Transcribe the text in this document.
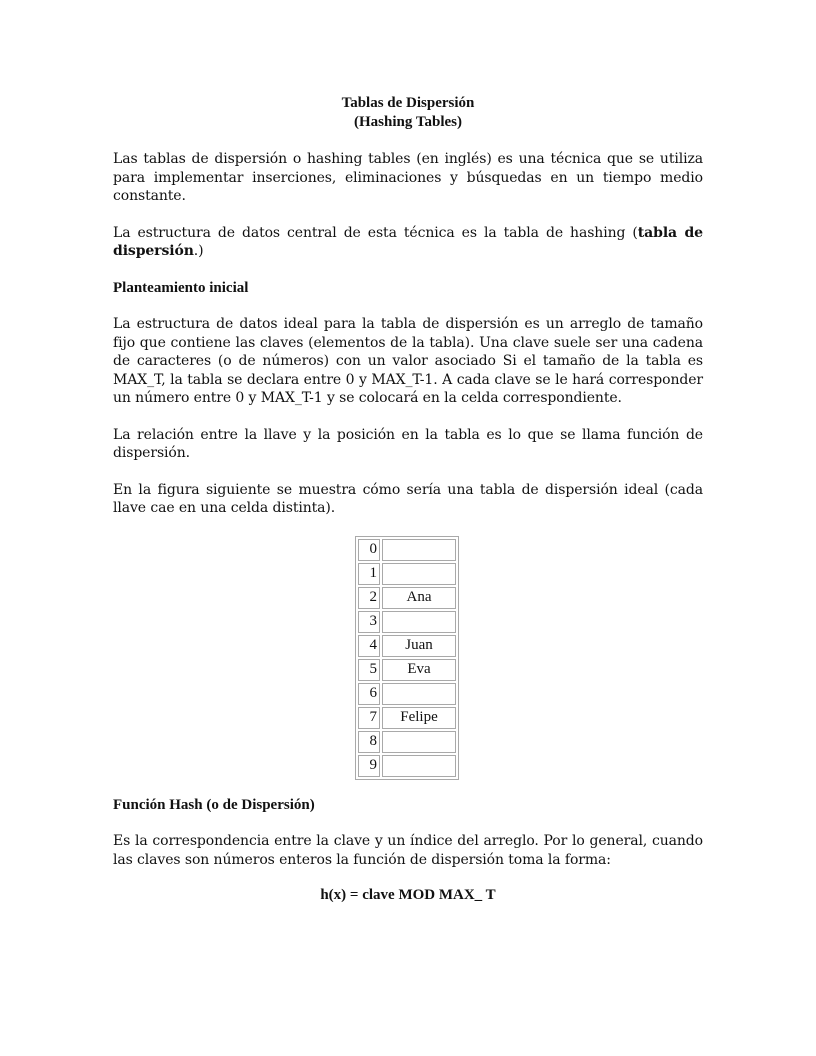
Tablas de Dispersión
(Hashing Tables)

Las tablas de dispersión o hashing tables (en inglés) es una técnica que se utiliza para implementar inserciones, eliminaciones y búsquedas en un tiempo medio constante.

La estructura de datos central de esta técnica es la tabla de hashing (tabla de dispersión.)

Planteamiento inicial

La estructura de datos ideal para la tabla de dispersión es un arreglo de tamaño fijo que contiene las claves (elementos de la tabla). Una clave suele ser una cadena de caracteres (o de números) con un valor asociado Si el tamaño de la tabla es MAX_T, la tabla se declara entre 0 y MAX_T-1. A cada clave se le hará corresponder un número entre 0 y MAX_T-1 y se colocará en la celda correspondiente.

La relación entre la llave y la posición en la tabla es lo que se llama función de dispersión.

En la figura siguiente se muestra cómo sería una tabla de dispersión ideal (cada llave cae en una celda distinta).

0	
1	
2	Ana
3	
4	Juan
5	Eva
6	
7	Felipe
8	
9	
Función Hash (o de Dispersión)

Es la correspondencia entre la clave y un índice del arreglo. Por lo general, cuando las claves son números enteros la función de dispersión toma la forma:

h(x) = clave MOD MAX_ T
